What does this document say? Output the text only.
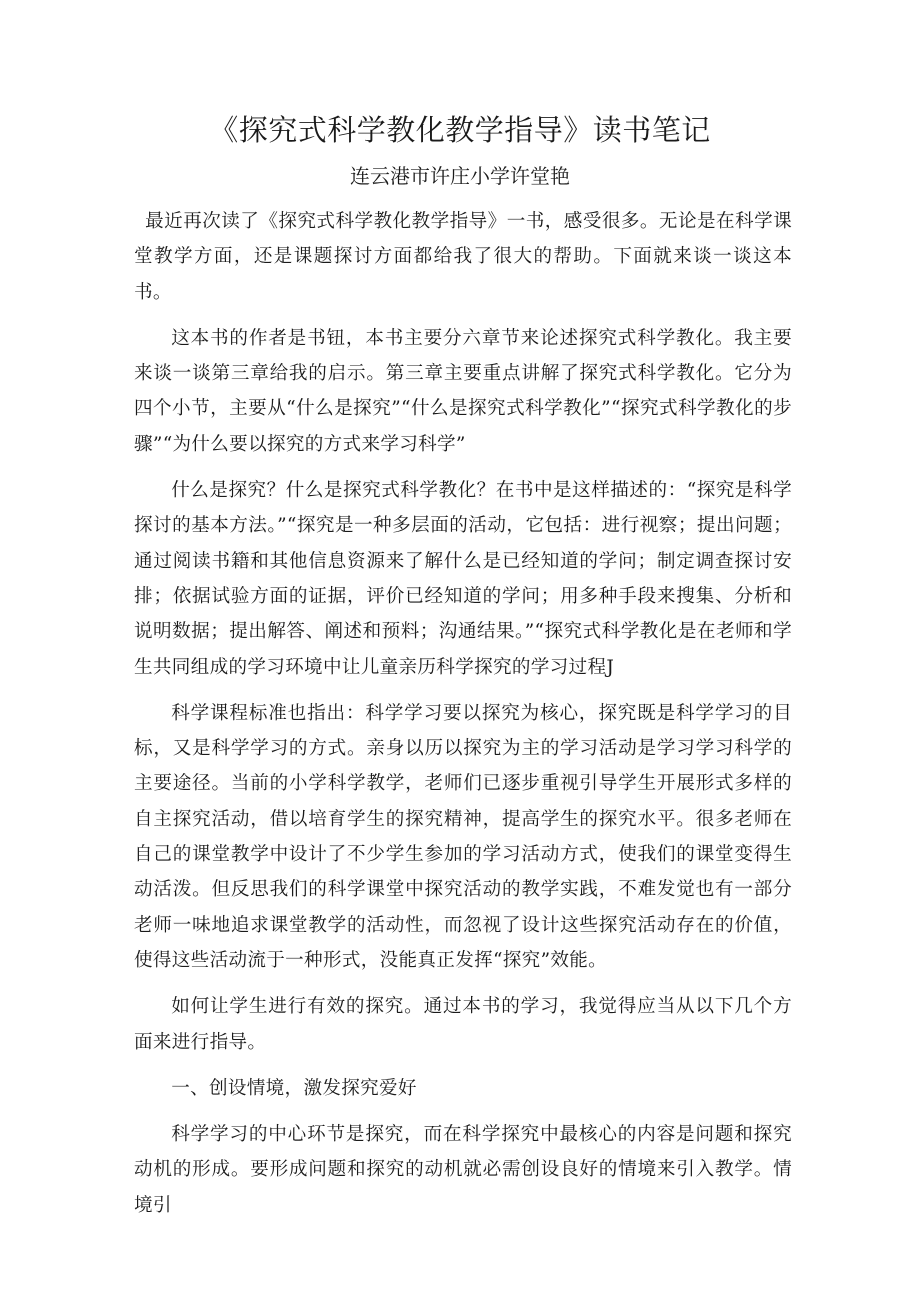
《探究式科学教化教学指导》读书笔记
连云港市许庄小学许堂艳

最近再次读了《探究式科学教化教学指导》一书，感受很多。无论是在科学课堂教学方面，还是课题探讨方面都给我了很大的帮助。下面就来谈一谈这本书。

这本书的作者是书钮，本书主要分六章节来论述探究式科学教化。我主要来谈一谈第三章给我的启示。第三章主要重点讲解了探究式科学教化。它分为四个小节，主要从“什么是探究”“什么是探究式科学教化”“探究式科学教化的步骤”“为什么要以探究的方式来学习科学”

什么是探究？什么是探究式科学教化？在书中是这样描述的：“探究是科学探讨的基本方法。”“探究是一种多层面的活动，它包括：进行视察；提出问题；通过阅读书籍和其他信息资源来了解什么是已经知道的学问；制定调查探讨安排；依据试验方面的证据，评价已经知道的学问；用多种手段来搜集、分析和说明数据；提出解答、阐述和预料；沟通结果。”“探究式科学教化是在老师和学生共同组成的学习环境中让儿童亲历科学探究的学习过程J

科学课程标准也指出：科学学习要以探究为核心，探究既是科学学习的目标，又是科学学习的方式。亲身以历以探究为主的学习活动是学习学习科学的主要途径。当前的小学科学教学，老师们已逐步重视引导学生开展形式多样的自主探究活动，借以培育学生的探究精神，提高学生的探究水平。很多老师在自己的课堂教学中设计了不少学生参加的学习活动方式，使我们的课堂变得生动活泼。但反思我们的科学课堂中探究活动的教学实践，不难发觉也有一部分老师一味地追求课堂教学的活动性，而忽视了设计这些探究活动存在的价值，使得这些活动流于一种形式，没能真正发挥“探究”效能。

如何让学生进行有效的探究。通过本书的学习，我觉得应当从以下几个方面来进行指导。

一、创设情境，激发探究爱好

科学学习的中心环节是探究，而在科学探究中最核心的内容是问题和探究动机的形成。要形成问题和探究的动机就必需创设良好的情境来引入教学。情境引
